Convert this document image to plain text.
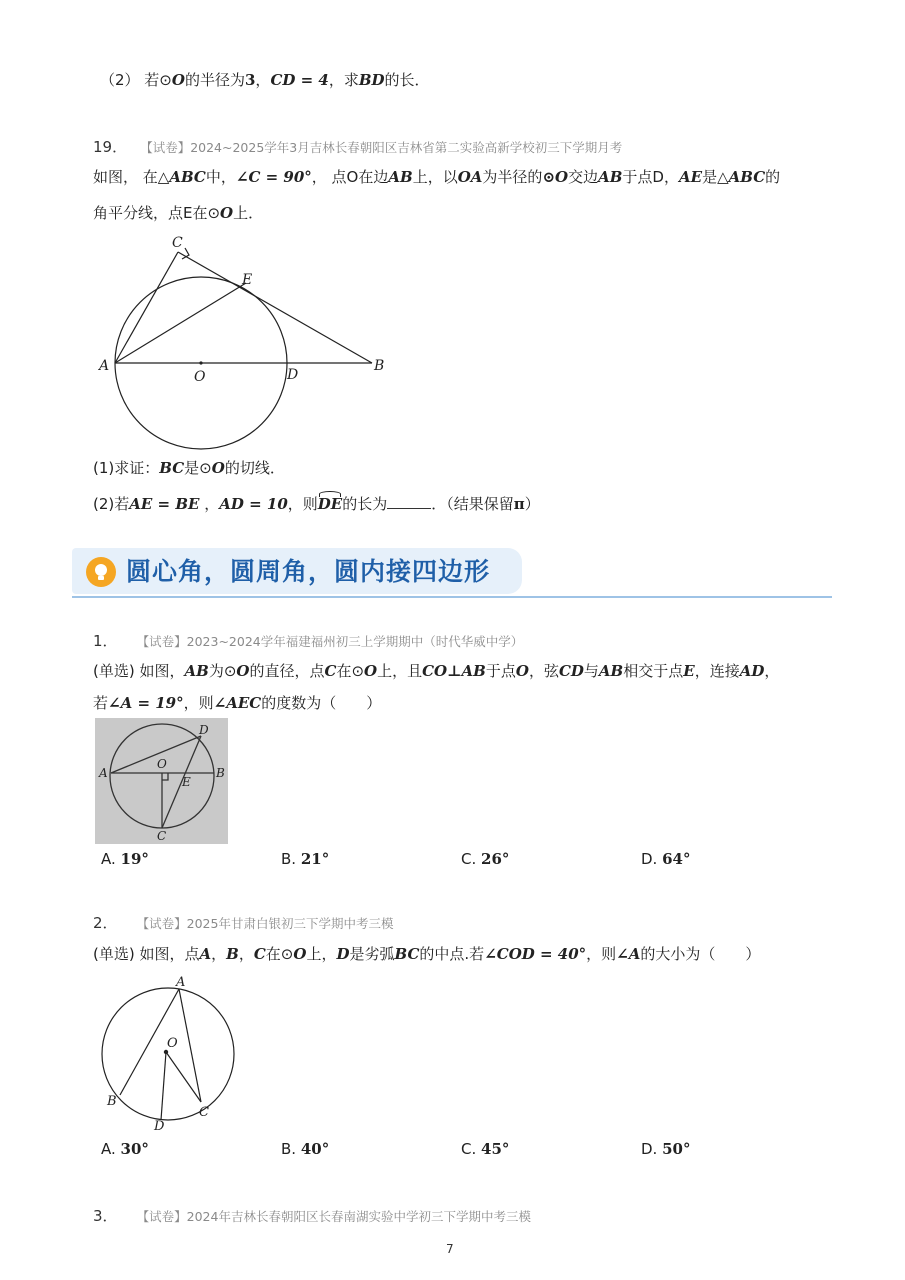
（2） 若⊙O的半径为3，CD = 4，求BD的长．
19． 【试卷】2024~2025学年3月吉林长春朝阳区吉林省第二实验高新学校初三下学期月考
如图， 在△ABC中，∠C = 90°， 点O在边AB上，以OA为半径的⊙O交边AB于点D，AE是△ABC的
角平分线，点E在⊙O上．
C
E
A
O	D
B
(1)求证：BC是⊙O的切线．
(2)若AE = BE ，AD = 10，则DE的长为	．（结果保留π）
圆心角，圆周角，圆内接四边形
1． 【试卷】2023~2024学年福建福州初三上学期期中（时代华威中学）
(单选) 如图，AB为⊙O的直径，点C在⊙O上，且CO⊥AB于点O，弦CD与AB相交于点E，连接AD，
若∠A = 19°，则∠AEC的度数为（　　）
A	B
D
O
E
C
A. 19°	B. 21°	C. 26°	D. 64°
2． 【试卷】2025年甘肃白银初三下学期中考三模
(单选) 如图，点A，B，C在⊙O上，D是劣弧BC的中点.若∠COD = 40°，则∠A的大小为（　　）
A
O
B
D
C
A. 30°	B. 40°	C. 45°	D. 50°
3． 【试卷】2024年吉林长春朝阳区长春南湖实验中学初三下学期中考三模
7
